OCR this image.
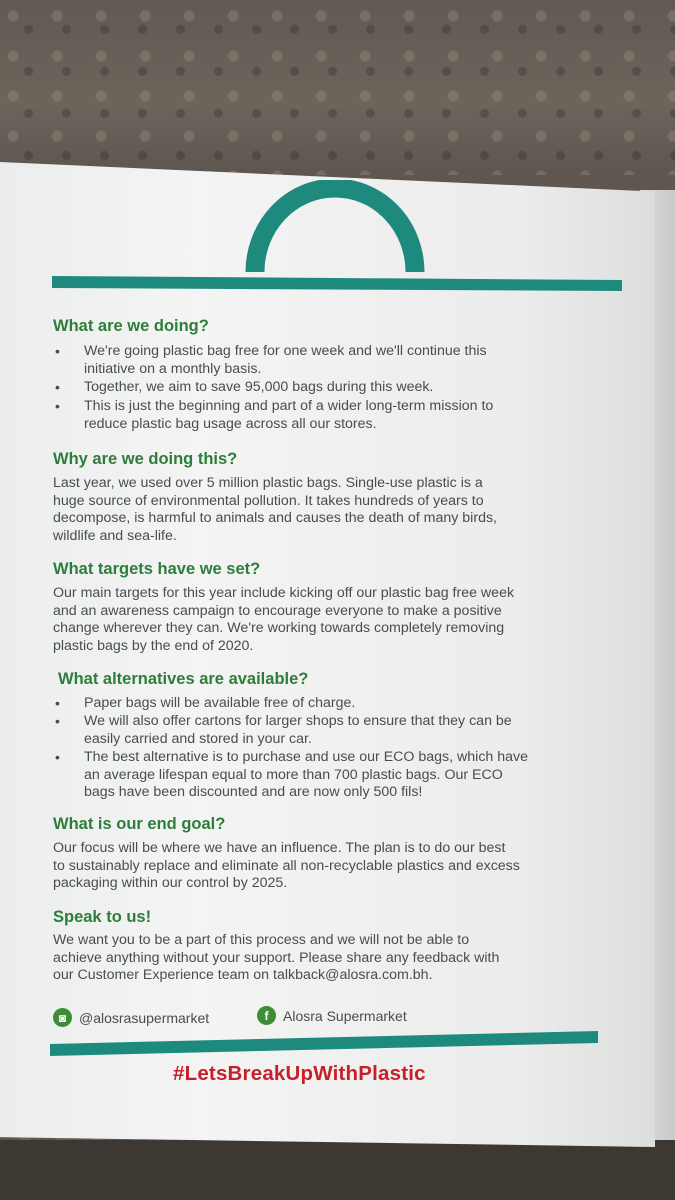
What are we doing?
• We're going plastic bag free for one week and we'll continue this
initiative on a monthly basis.

• Together, we aim to save 95,000 bags during this week.

• This is just the beginning and part of a wider long-term mission to
reduce plastic bag usage across all our stores.

Why are we doing this?

Last year, we used over 5 million plastic bags. Single-use plastic is a
huge source of environmental pollution. It takes hundreds of years to
decompose, is harmful to animals and causes the death of many birds,
wildlife and sea-life.

What targets have we set?

Our main targets for this year include kicking off our plastic bag free week
and an awareness campaign to encourage everyone to make a positive
change wherever they can. We're working towards completely removing
plastic bags by the end of 2020.

What alternatives are available?
• Paper bags will be available free of charge.

• We will also offer cartons for larger shops to ensure that they can be
easily carried and stored in your car.

• The best alternative is to purchase and use our ECO bags, which have
an average lifespan equal to more than 700 plastic bags. Our ECO
bags have been discounted and are now only 500 fils!

What is our end goal?

Our focus will be where we have an influence. The plan is to do our best
to sustainably replace and eliminate all non-recyclable plastics and excess
packaging within our control by 2025.

Speak to us!

We want you to be a part of this process and we will not be able to
achieve anything without your support. Please share any feedback with
our Customer Experience team on talkback@alosra.com.bh.

◙ @alosrasupermarket	f	Alosra Supermarket
#LetsBreakUpWithPlastic
